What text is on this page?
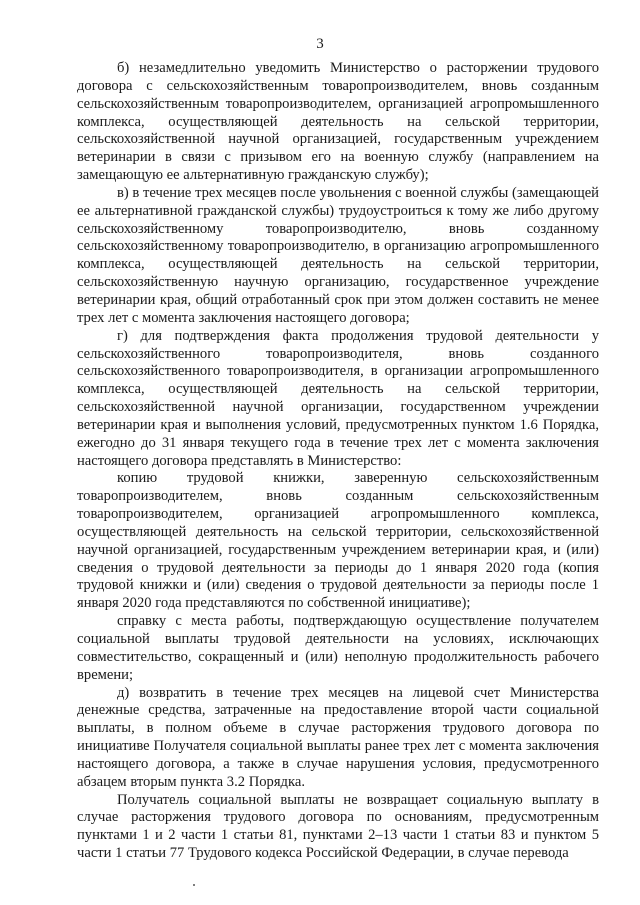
3

б) незамедлительно уведомить Министерство о расторжении трудового договора с сельскохозяйственным товаропроизводителем, вновь созданным сельскохозяйственным товаропроизводителем, организацией агропромышленного комплекса, осуществляющей деятельность на сельской территории, сельскохозяйственной научной организацией, государственным учреждением ветеринарии в связи с призывом его на военную службу (направлением на замещающую ее альтернативную гражданскую службу);

в) в течение трех месяцев после увольнения с военной службы (замещающей ее альтернативной гражданской службы) трудоустроиться к тому же либо другому сельскохозяйственному товаропроизводителю, вновь созданному сельскохозяйственному товаропроизводителю, в организацию агропромышленного комплекса, осуществляющей деятельность на сельской территории, сельскохозяйственную научную организацию, государственное учреждение ветеринарии края, общий отработанный срок при этом должен составить не менее трех лет с момента заключения настоящего договора;

г) для подтверждения факта продолжения трудовой деятельности у сельскохозяйственного товаропроизводителя, вновь созданного сельскохозяйственного товаропроизводителя, в организации агропромышленного комплекса, осуществляющей деятельность на сельской территории, сельскохозяйственной научной организации, государственном учреждении ветеринарии края и выполнения условий, предусмотренных пунктом 1.6 Порядка, ежегодно до 31 января текущего года в течение трех лет с момента заключения настоящего договора представлять в Министерство:

копию трудовой книжки, заверенную сельскохозяйственным товаропроизводителем, вновь созданным сельскохозяйственным товаропроизводителем, организацией агропромышленного комплекса, осуществляющей деятельность на сельской территории, сельскохозяйственной научной организацией, государственным учреждением ветеринарии края, и (или) сведения о трудовой деятельности за периоды до 1 января 2020 года (копия трудовой книжки и (или) сведения о трудовой деятельности за периоды после 1 января 2020 года представляются по собственной инициативе);

справку с места работы, подтверждающую осуществление получателем социальной выплаты трудовой деятельности на условиях, исключающих совместительство, сокращенный и (или) неполную продолжительность рабочего времени;

д) возвратить в течение трех месяцев на лицевой счет Министерства денежные средства, затраченные на предоставление второй части социальной выплаты, в полном объеме в случае расторжения трудового договора по инициативе Получателя социальной выплаты ранее трех лет с момента заключения настоящего договора, а также в случае нарушения условия, предусмотренного абзацем вторым пункта 3.2 Порядка.

Получатель социальной выплаты не возвращает социальную выплату в случае расторжения трудового договора по основаниям, предусмотренным пунктами 1 и 2 части 1 статьи 81, пунктами 2–13 части 1 статьи 83 и пунктом 5 части 1 статьи 77 Трудового кодекса Российской Федерации, в случае перевода
